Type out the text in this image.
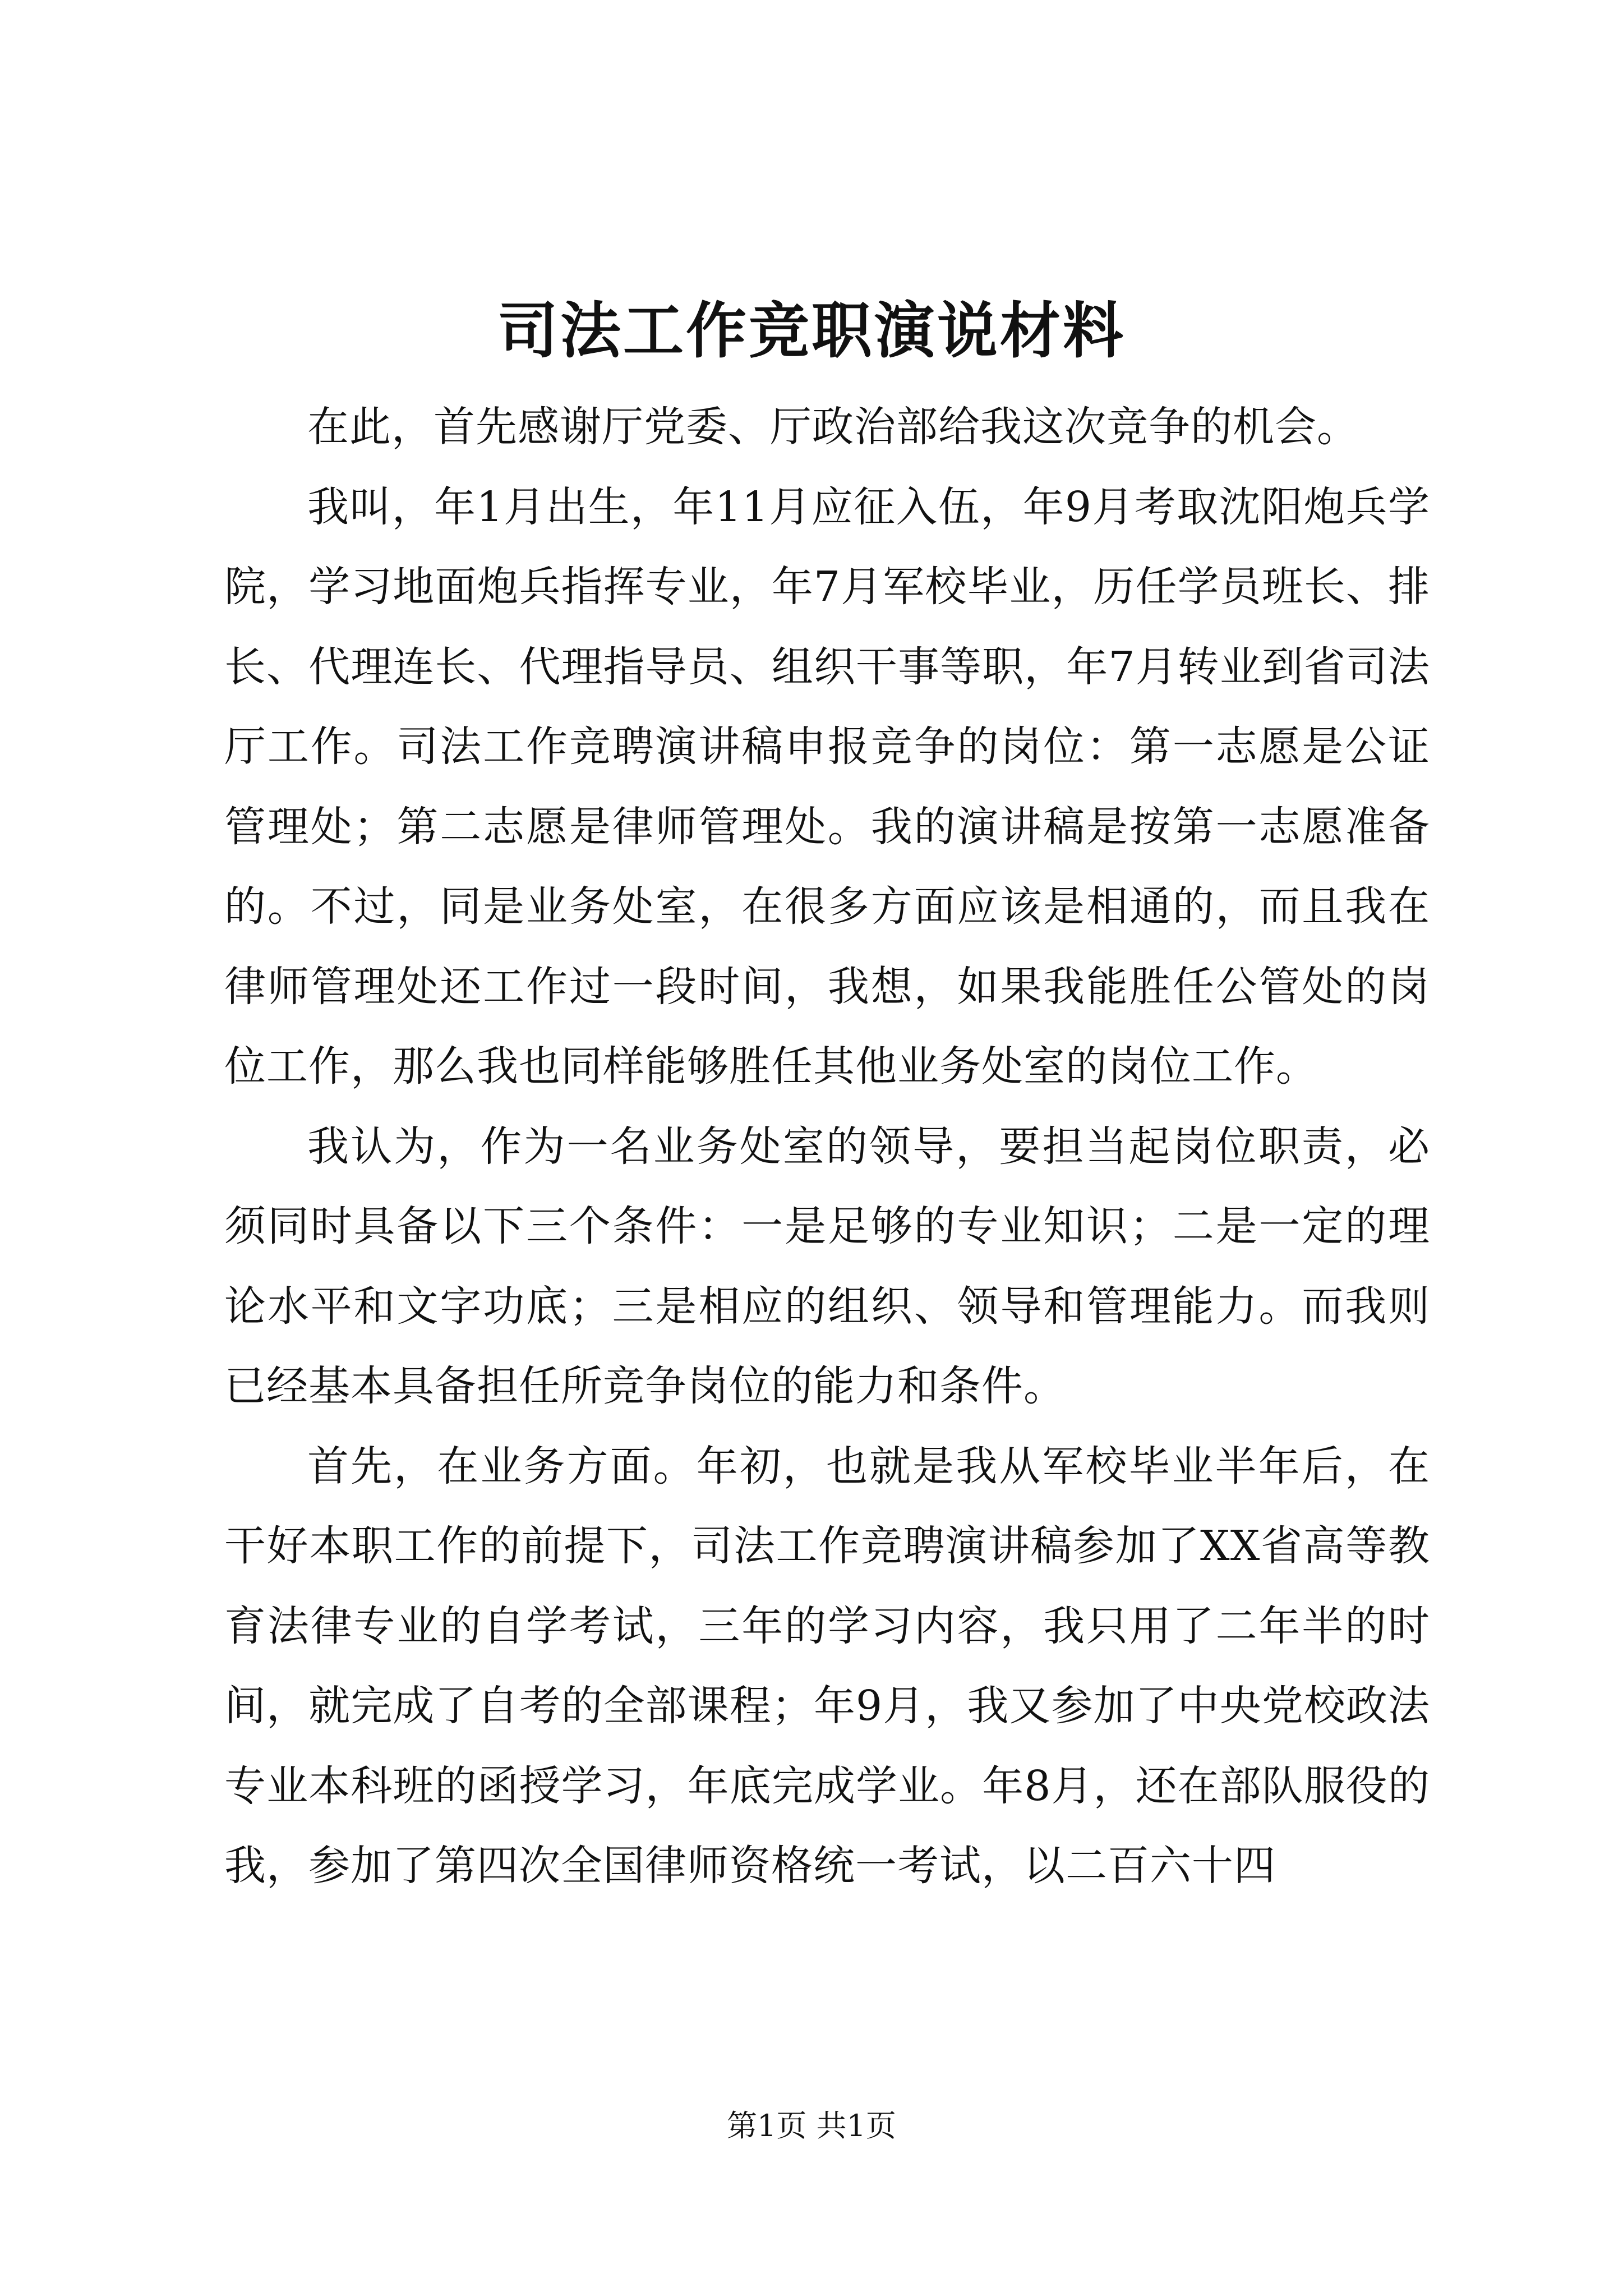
司法工作竞职演说材料

在此，首先感谢厅党委、厅政治部给我这次竞争的机会。

我叫，年1月出生，年11月应征入伍，年9月考取沈阳炮兵学院，学习地面炮兵指挥专业，年7月军校毕业，历任学员班长、排长、代理连长、代理指导员、组织干事等职，年7月转业到省司法厅工作。司法工作竞聘演讲稿申报竞争的岗位：第一志愿是公证管理处；第二志愿是律师管理处。我的演讲稿是按第一志愿准备的。不过，同是业务处室，在很多方面应该是相通的，而且我在律师管理处还工作过一段时间，我想，如果我能胜任公管处的岗位工作，那么我也同样能够胜任其他业务处室的岗位工作。

我认为，作为一名业务处室的领导，要担当起岗位职责，必须同时具备以下三个条件：一是足够的专业知识；二是一定的理论水平和文字功底；三是相应的组织、领导和管理能力。而我则已经基本具备担任所竞争岗位的能力和条件。

首先，在业务方面。年初，也就是我从军校毕业半年后，在干好本职工作的前提下，司法工作竞聘演讲稿参加了XX省高等教育法律专业的自学考试，三年的学习内容，我只用了二年半的时间，就完成了自考的全部课程；年9月，我又参加了中央党校政法专业本科班的函授学习，年底完成学业。年8月，还在部队服役的我，参加了第四次全国律师资格统一考试，以二百六十四

第1页 共1页
